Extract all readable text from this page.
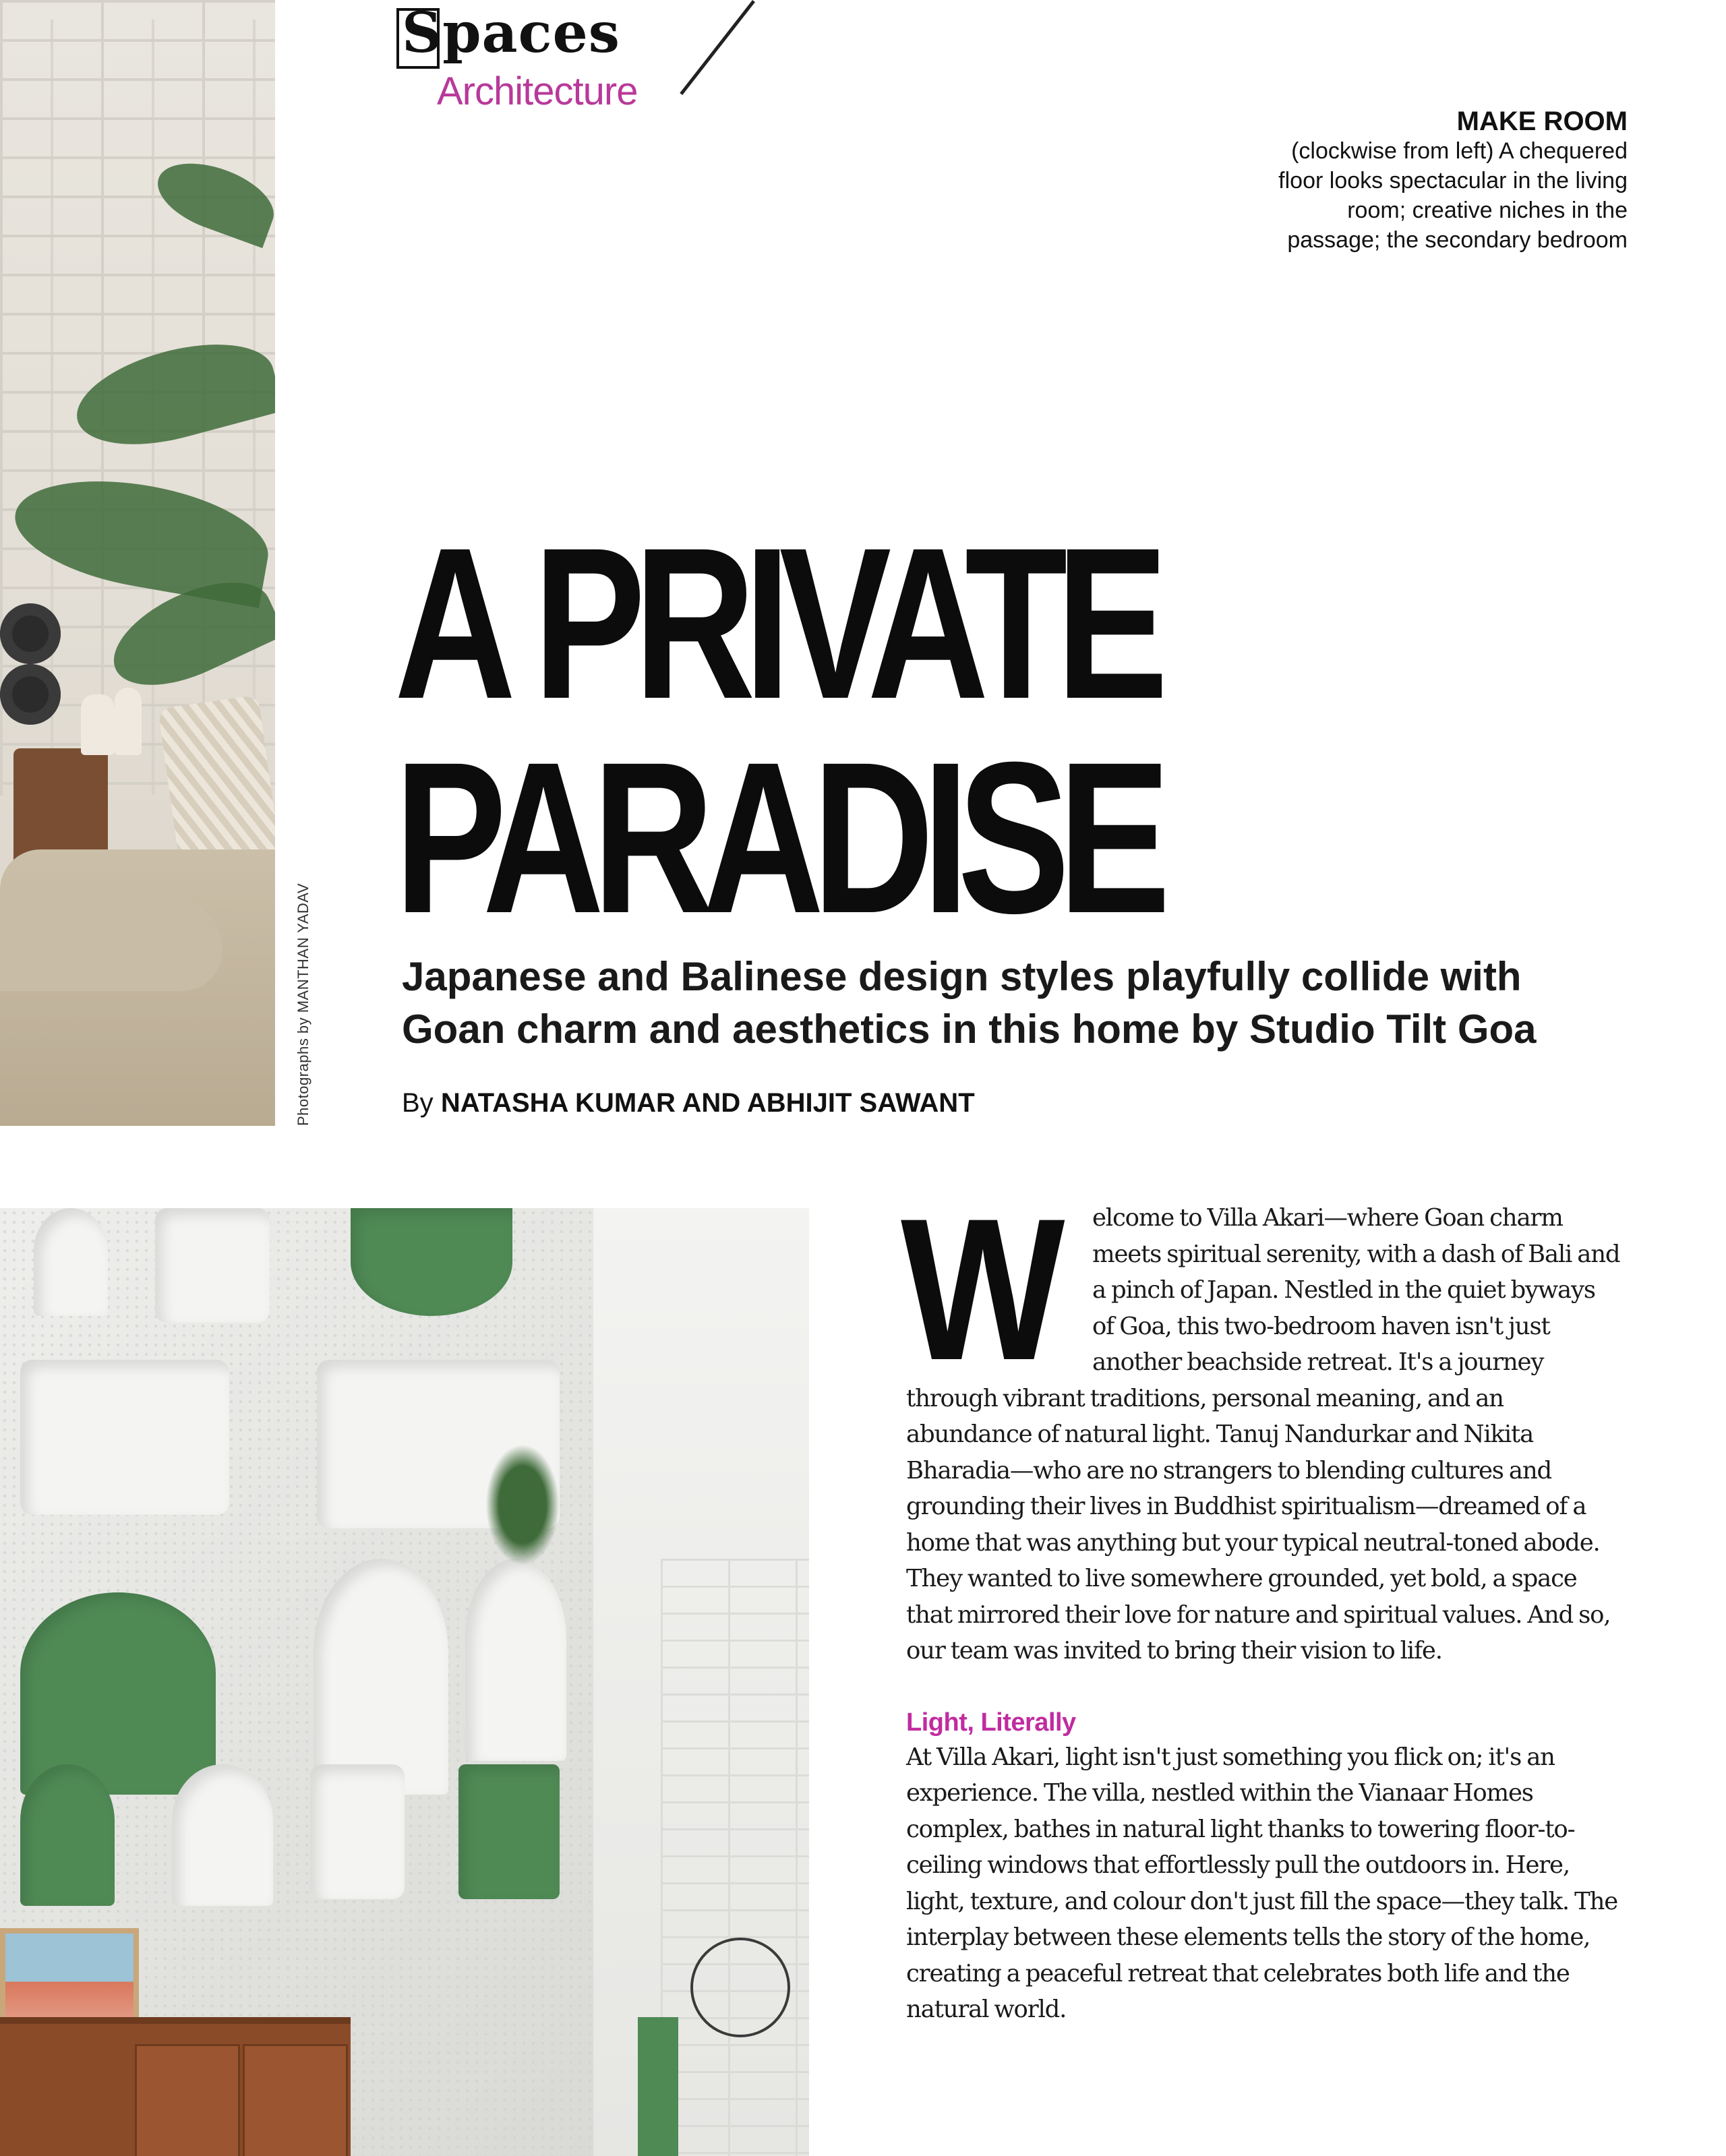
Photographs by MANTHAN YADAV
Spaces
Architecture
MAKE ROOM
(clockwise from left) A chequered floor looks spectacular in the living room; creative niches in the passage; the secondary bedroom
A PRIVATE
PARADISE
Japanese and Balinese design styles playfully collide with Goan charm and aesthetics in this home by Studio Tilt Goa
By NATASHA KUMAR AND ABHIJIT SAWANT

W elcome to Villa Akari—where Goan charm meets spiritual serenity, with a dash of Bali and a pinch of Japan. Nestled in the quiet byways of Goa, this two-bedroom haven isn't just another beachside retreat. It's a journey through vibrant traditions, personal meaning, and an abundance of natural light. Tanuj Nandurkar and Nikita Bharadia—who are no strangers to blending cultures and grounding their lives in Buddhist spiritualism—dreamed of a home that was anything but your typical neutral-toned abode. They wanted to live somewhere grounded, yet bold, a space that mirrored their love for nature and spiritual values. And so, our team was invited to bring their vision to life.

Light, Literally

At Villa Akari, light isn't just something you flick on; it's an experience. The villa, nestled within the Vianaar Homes complex, bathes in natural light thanks to towering floor-to-ceiling windows that effortlessly pull the outdoors in. Here, light, texture, and colour don't just fill the space—they talk. The interplay between these elements tells the story of the home, creating a peaceful retreat that celebrates both life and the natural world.
